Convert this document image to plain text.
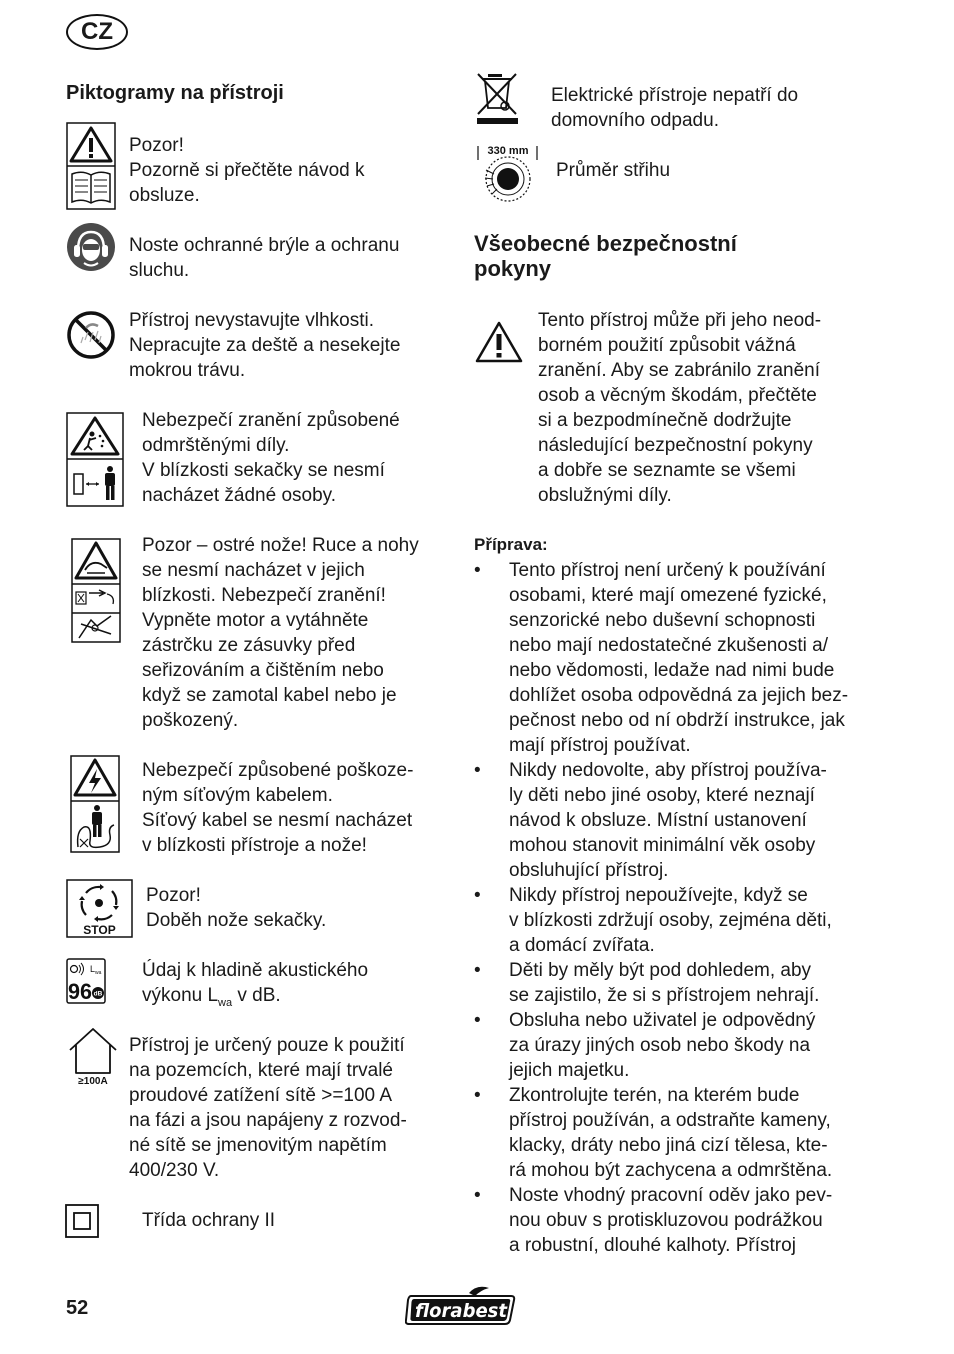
CZ
Piktogramy na přístroji
Pozor!
Pozorně si přečtěte návod k
obsluze.
Noste ochranné brýle a ochranu
sluchu.
Přístroj nevystavujte vlhkosti.
Nepracujte za deště a nesekejte
mokrou trávu.
Nebezpečí zranění způsobené
odmrštěnými díly.
V blízkosti sekačky se nesmí
nacházet žádné osoby.
Pozor – ostré nože! Ruce a nohy
se nesmí nacházet v jejich
blízkosti. Nebezpečí zranění!
Vypněte motor a vytáhněte
zástrčku ze zásuvky před
seřizováním a čištěním nebo
když se zamotal kabel nebo je
poškozený.
Nebezpečí způsobené poškoze-
ným síťovým kabelem.
Síťový kabel se nesmí nacházet
v blízkosti přístroje a nože!
STOP
Pozor!
Doběh nože sekačky.
L wa
96 dB
Údaj k hladině akustického
výkonu $L_{wa}$ v dB.
≥100A
Přístroj je určený pouze k použití
na pozemcích, které mají trvalé
proudové zatížení sítě >=100 A
na fázi a jsou napájeny z rozvod-
né sítě se jmenovitým napětím
400/230 V.
Třída ochrany II
Elektrické přístroje nepatří do
domovního odpadu.
330 mm
Průměr střihu
Všeobecné bezpečnostní
pokyny
Tento přístroj může při jeho neod-
borném použití způsobit vážná
zranění. Aby se zabránilo zranění
osob a věcným škodám, přečtěte
si a bezpodmínečně dodržujte
následující bezpečnostní pokyny
a dobře se seznamte se všemi
obslužnými díly.
Příprava:
• Tento přístroj není určený k používání
osobami, které mají omezené fyzické,
senzorické nebo duševní schopnosti
nebo mají nedostatečné zkušenosti a/
nebo vědomosti, ledaže nad nimi bude
dohlížet osoba odpovědná za jejich bez-
pečnost nebo od ní obdrží instrukce, jak
mají přístroj používat.
• Nikdy nedovolte, aby přístroj používa-
ly děti nebo jiné osoby, které neznají
návod k obsluze. Místní ustanovení
mohou stanovit minimální věk osoby
obsluhující přístroj.
• Nikdy přístroj nepoužívejte, když se
v blízkosti zdržují osoby, zejména děti,
a domácí zvířata.
• Děti by měly být pod dohledem, aby
se zajistilo, že si s přístrojem nehrají.
• Obsluha nebo uživatel je odpovědný
za úrazy jiných osob nebo škody na
jejich majetku.
• Zkontrolujte terén, na kterém bude
přístroj používán, a odstraňte kameny,
klacky, dráty nebo jiná cizí tělesa, kte-
rá mohou být zachycena a odmrštěna.
• Noste vhodný pracovní oděv jako pev-
nou obuv s protiskluzovou podrážkou
a robustní, dlouhé kalhoty. Přístroj
52	florabest
